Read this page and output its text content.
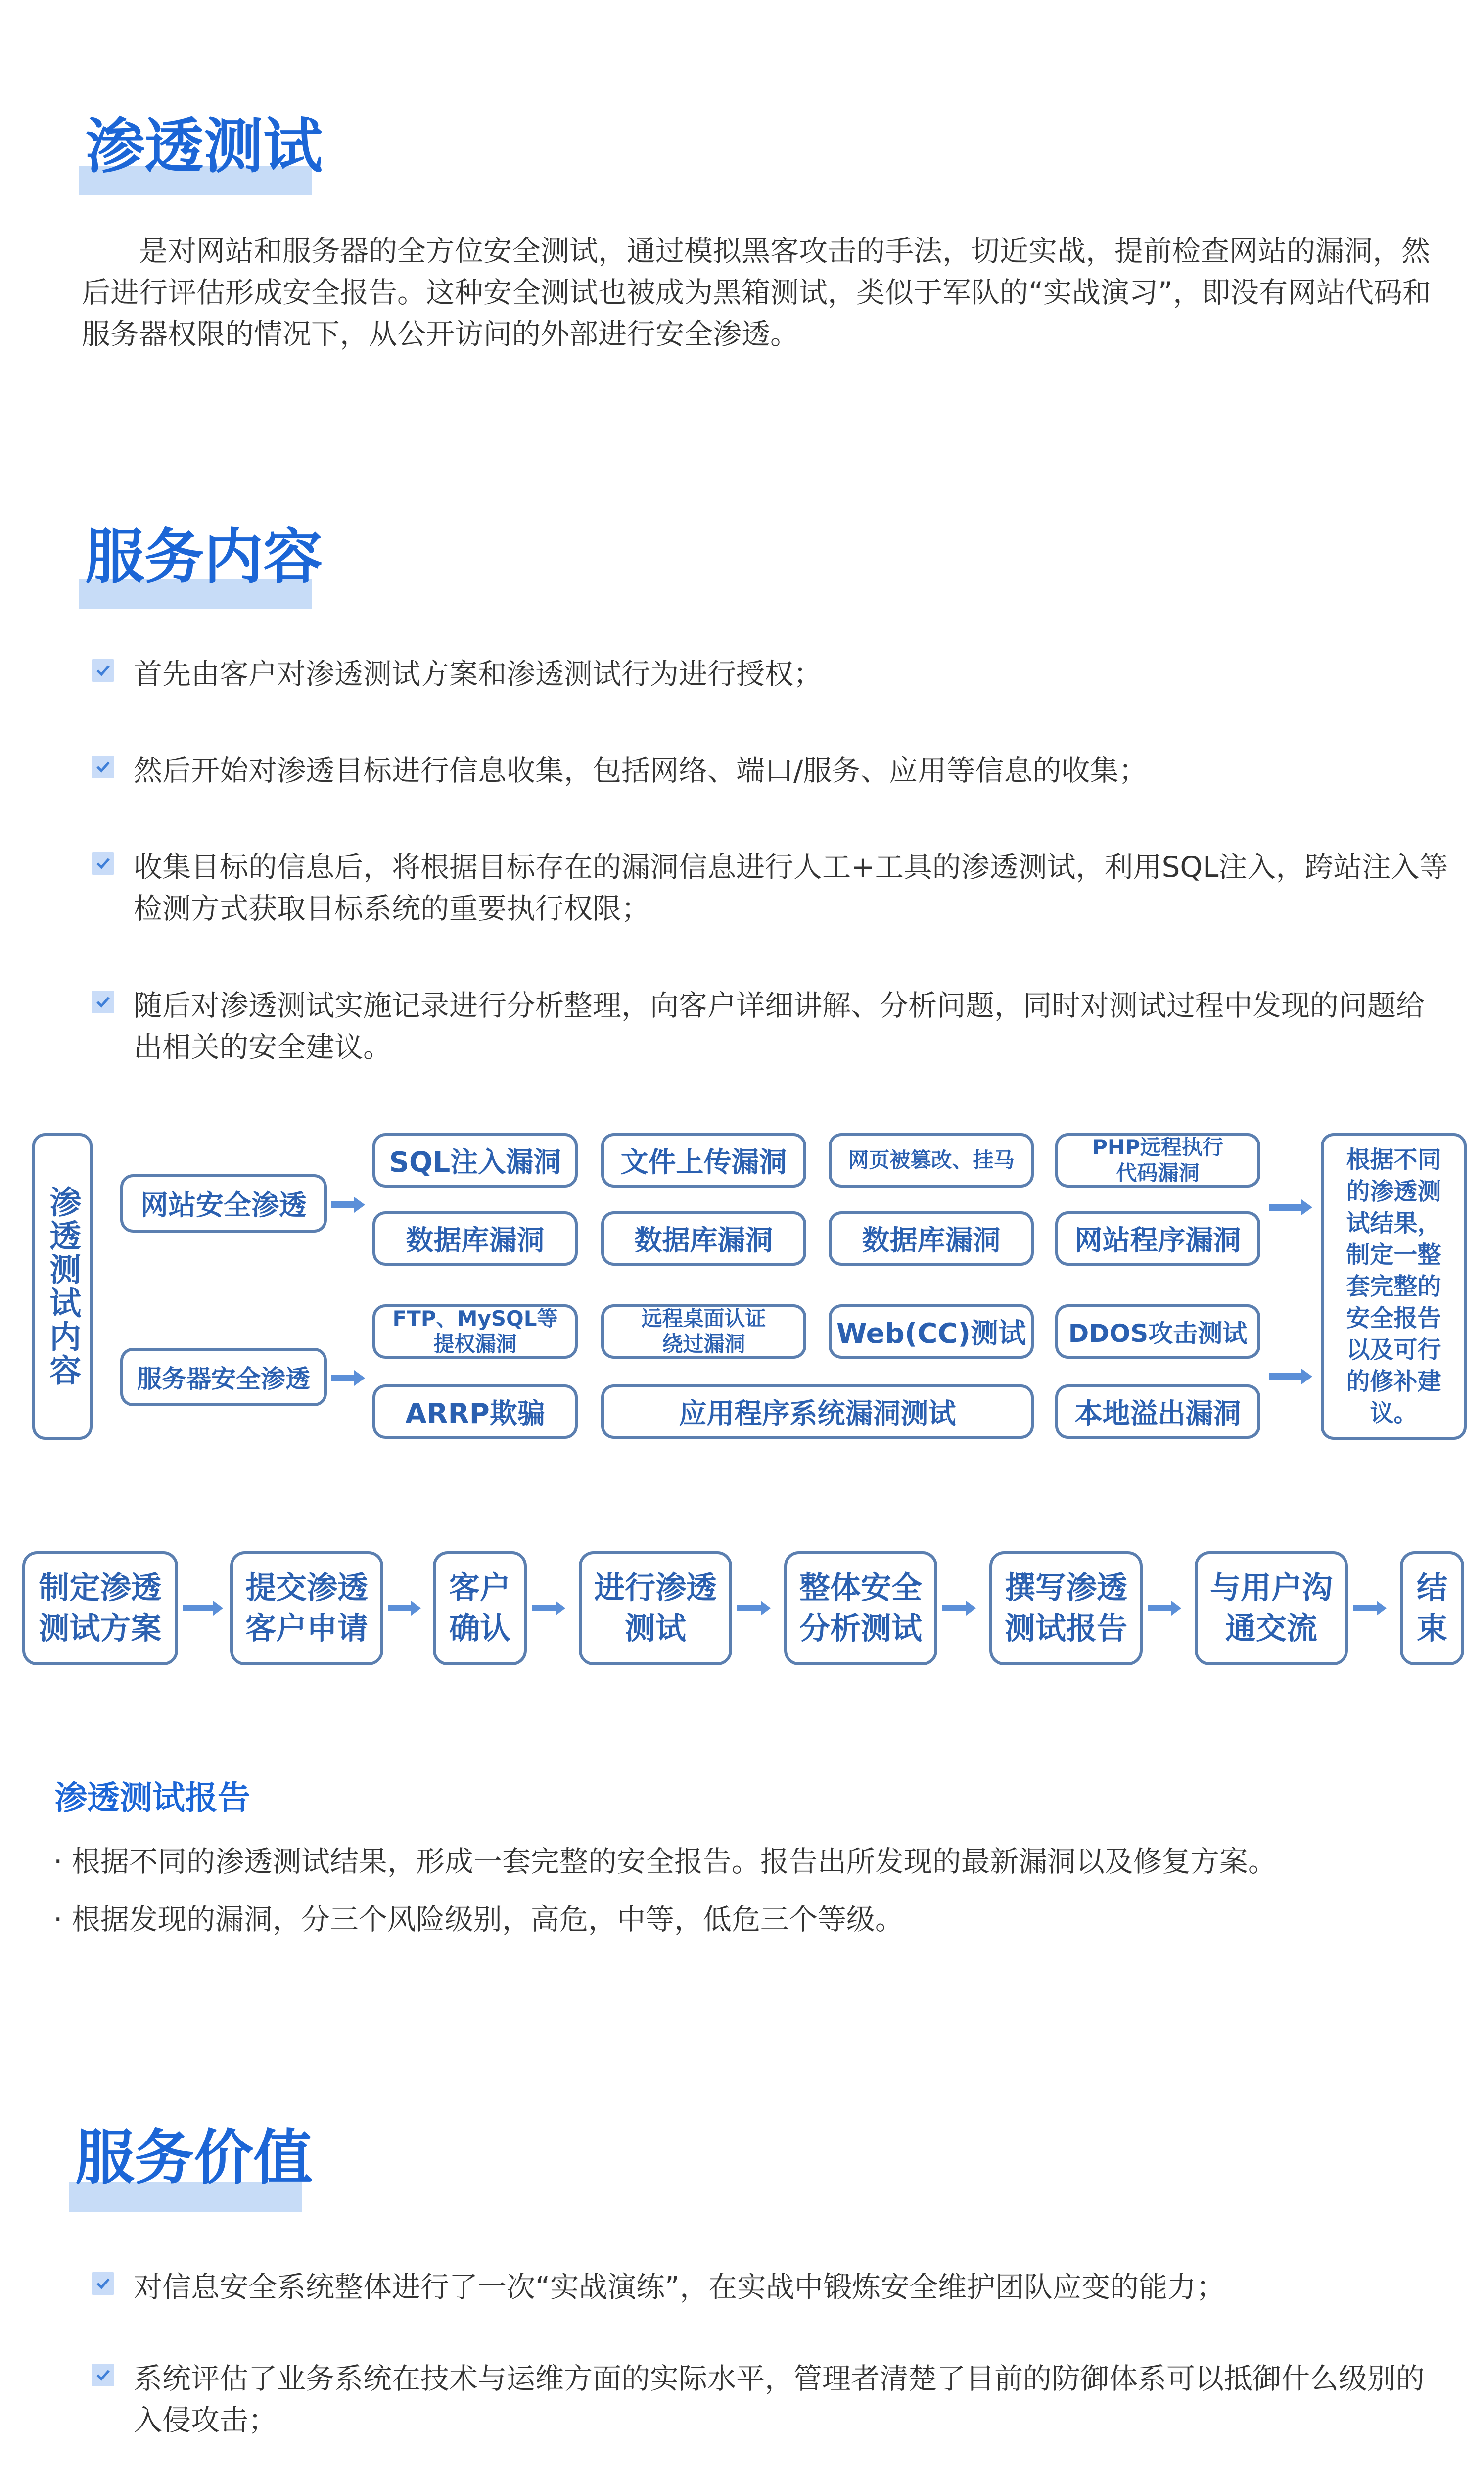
渗透测试
是对网站和服务器的全方位安全测试，通过模拟黑客攻击的手法，切近实战，提前检查网站的漏洞，然后进行评估形成安全报告。这种安全测试也被成为黑箱测试，类似于军队的“实战演习”，即没有网站代码和服务器权限的情况下，从公开访问的外部进行安全渗透。
服务内容
首先由客户对渗透测试方案和渗透测试行为进行授权；
然后开始对渗透目标进行信息收集，包括网络、端口/服务、应用等信息的收集；
收集目标的信息后，将根据目标存在的漏洞信息进行人工+工具的渗透测试，利用SQL注入，跨站注入等检测方式获取目标系统的重要执行权限；
随后对渗透测试实施记录进行分析整理，向客户详细讲解、分析问题，同时对测试过程中发现的问题给出相关的安全建议。
渗透测试内容	网站安全渗透
服务器安全渗透
SQL注入漏洞 文件上传漏洞	网页被篡改、挂马
PHP远程执行
代码漏洞
数据库漏洞	数据库漏洞	数据库漏洞	网站程序漏洞
FTP、MySQL等
提权漏洞
远程桌面认证
绕过漏洞	Web(CC)测试 DDOS攻击测试
ARRP欺骗	应用程序系统漏洞测试	本地溢出漏洞
根据不同
的渗透测
试结果，
制定一整
套完整的
安全报告
以及可行
的修补建
议。
制定渗透
测试方案
提交渗透
客户申请
客户
确认
进行渗透
测试
整体安全
分析测试
撰写渗透
测试报告
与用户沟
通交流
结
束
渗透测试报告
· 根据不同的渗透测试结果，形成一套完整的安全报告。报告出所发现的最新漏洞以及修复方案。
· 根据发现的漏洞，分三个风险级别，高危，中等，低危三个等级。
服务价值
对信息安全系统整体进行了一次“实战演练”，在实战中锻炼安全维护团队应变的能力；
系统评估了业务系统在技术与运维方面的实际水平，管理者清楚了目前的防御体系可以抵御什么级别的入侵攻击；
